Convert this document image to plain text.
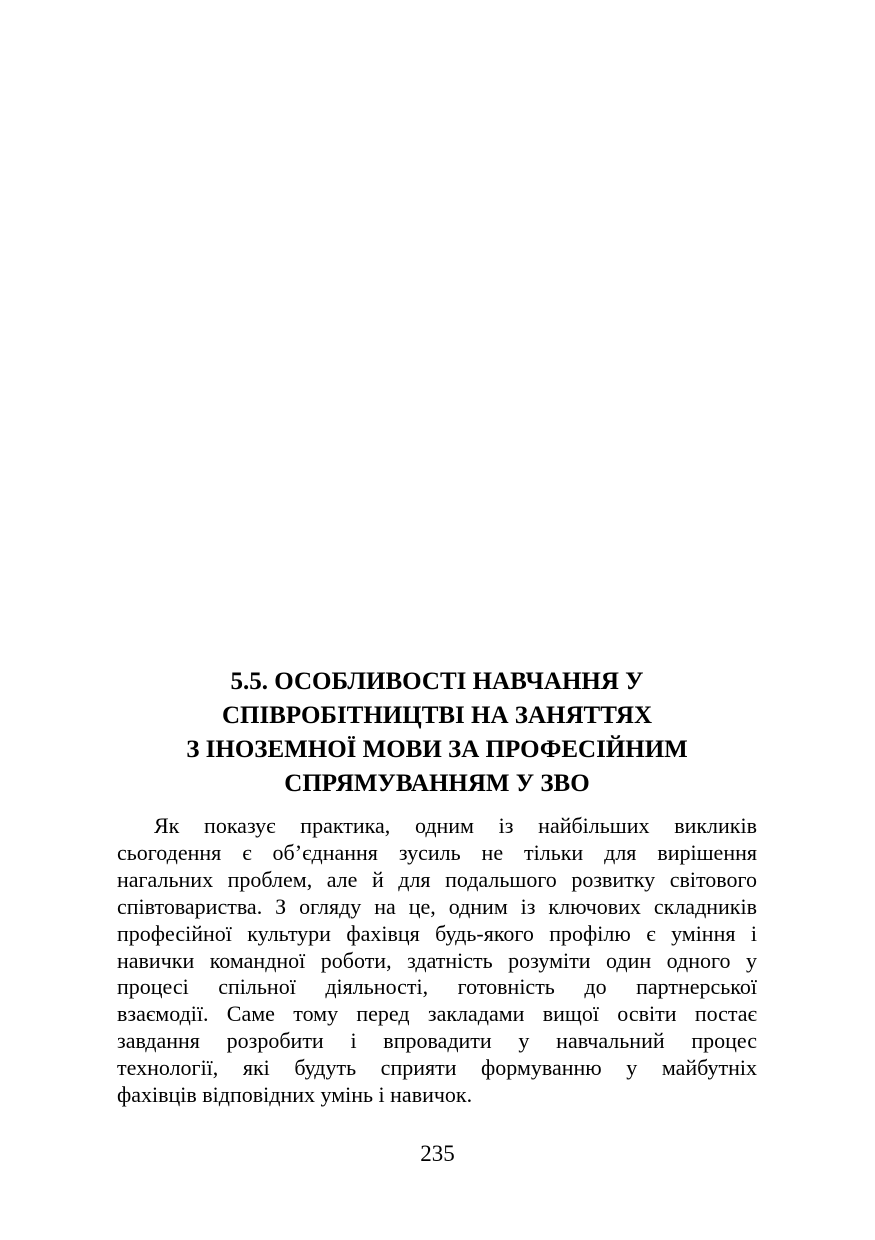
5.5. ОСОБЛИВОСТІ НАВЧАННЯ У
СПІВРОБІТНИЦТВІ НА ЗАНЯТТЯХ
З ІНОЗЕМНОЇ МОВИ ЗА ПРОФЕСІЙНИМ
СПРЯМУВАННЯМ У ЗВО

Як показує практика, одним із найбільших викликів
сьогодення є об’єднання зусиль не тільки для вирішення
нагальних проблем, але й для подальшого розвитку світового
співтовариства. З огляду на це, одним із ключових складників
професійної культури фахівця будь-якого профілю є уміння і
навички командної роботи, здатність розуміти один одного у
процесі спільної діяльності, готовність до партнерської
взаємодії. Саме тому перед закладами вищої освіти постає
завдання розробити і впровадити у навчальний процес
технології, які будуть сприяти формуванню у майбутніх
фахівців відповідних умінь і навичок.

235
